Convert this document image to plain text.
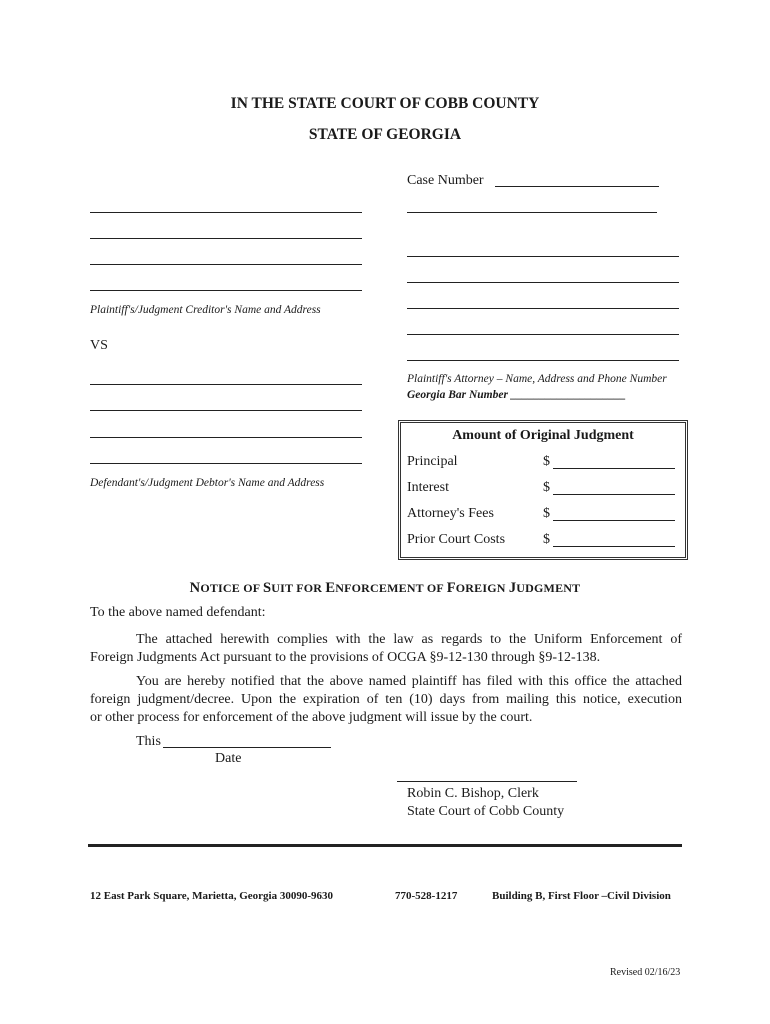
IN THE STATE COURT OF COBB COUNTY
STATE OF GEORGIA
Case Number
Plaintiff's/Judgment Creditor's Name and Address
Plaintiff's Attorney – Name, Address and Phone Number
Georgia Bar Number ____________________
VS
Defendant's/Judgment Debtor's Name and Address
Amount of Original Judgment
Principal	$
Interest	$
Attorney's Fees	$
Prior Court Costs	$
NOTICE OF SUIT FOR ENFORCEMENT OF FOREIGN JUDGMENT
To the above named defendant:
The attached herewith complies with the law as regards to the Uniform Enforcement of
Foreign Judgments Act pursuant to the provisions of OCGA §9-12-130 through §9-12-138.
You are hereby notified that the above named plaintiff has filed with this office the attached
foreign judgment/decree. Upon the expiration of ten (10) days from mailing this notice, execution
or other process for enforcement of the above judgment will issue by the court.
This
Date
Robin C. Bishop, Clerk
State Court of Cobb County
12 East Park Square, Marietta, Georgia 30090-9630	770-528-1217	Building B, First Floor –Civil Division
Revised 02/16/23
